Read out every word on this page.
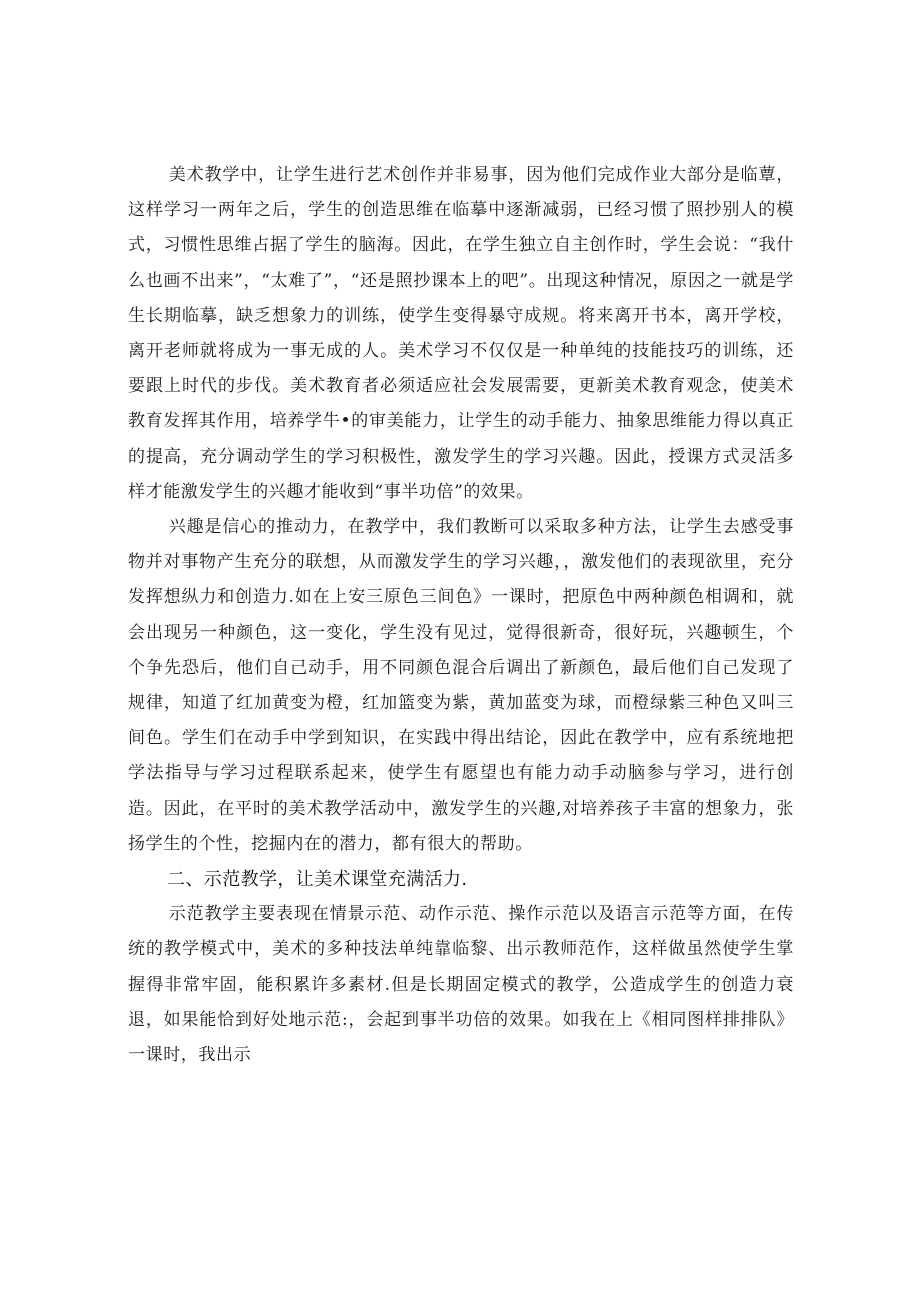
美术教学中，让学生进行艺术创作并非易事，因为他们完成作业大部分是临蕈，这样学习一两年之后，学生的创造思维在临摹中逐渐减弱，已经习惯了照抄别人的模式，习惯性思维占据了学生的脑海。因此，在学生独立自主创作时，学生会说：“我什么也画不出来”，“太难了”，“还是照抄课本上的吧”。出现这种情况，原因之一就是学生长期临摹，缺乏想象力的训练，使学生变得暴守成规。将来离开书本，离开学校，离开老师就将成为一事无成的人。美术学习不仅仅是一种单纯的技能技巧的训练，还要跟上时代的步伐。美术教育者必须适应社会发展需要，更新美术教育观念，使美术教育发挥其作用，培养学牛•的审美能力，让学生的动手能力、抽象思维能力得以真正的提高，充分调动学生的学习积极性，激发学生的学习兴趣。因此，授课方式灵活多样才能激发学生的兴趣才能收到“事半功倍”的效果。

兴趣是信心的推动力，在教学中，我们教断可以采取多种方法，让学生去感受事物并对事物产生充分的联想，从而激发学生的学习兴趣，，激发他们的表现欲里，充分发挥想纵力和创造力.如在上安三原色三间色》一课时，把原色中两种颜色相调和，就会出现另一种颜色，这一变化，学生没有见过，觉得很新奇，很好玩，兴趣顿生，个个争先恐后，他们自己动手，用不同颜色混合后调出了新颜色，最后他们自己发现了规律，知道了红加黄变为橙，红加篮变为紫，黄加蓝变为球，而橙绿紫三种色又叫三间色。学生们在动手中学到知识，在实践中得出结论，因此在教学中，应有系统地把学法指导与学习过程联系起来，使学生有愿望也有能力动手动脑参与学习，进行创造。因此，在平时的美术教学活动中，激发学生的兴趣,对培养孩子丰富的想象力，张扬学生的个性，挖掘内在的潜力，都有很大的帮助。

二、示范教学，让美术课堂充满活力.

示范教学主要表现在情景示范、动作示范、操作示范以及语言示范等方面，在传统的教学模式中，美术的多种技法单纯靠临黎、出示教师范作，这样做虽然使学生掌握得非常牢固，能积累许多素材.但是长期固定模式的教学，公造成学生的创造力衰退，如果能恰到好处地示范:，会起到事半功倍的效果。如我在上《相同图样排排队》一课时，我出示
